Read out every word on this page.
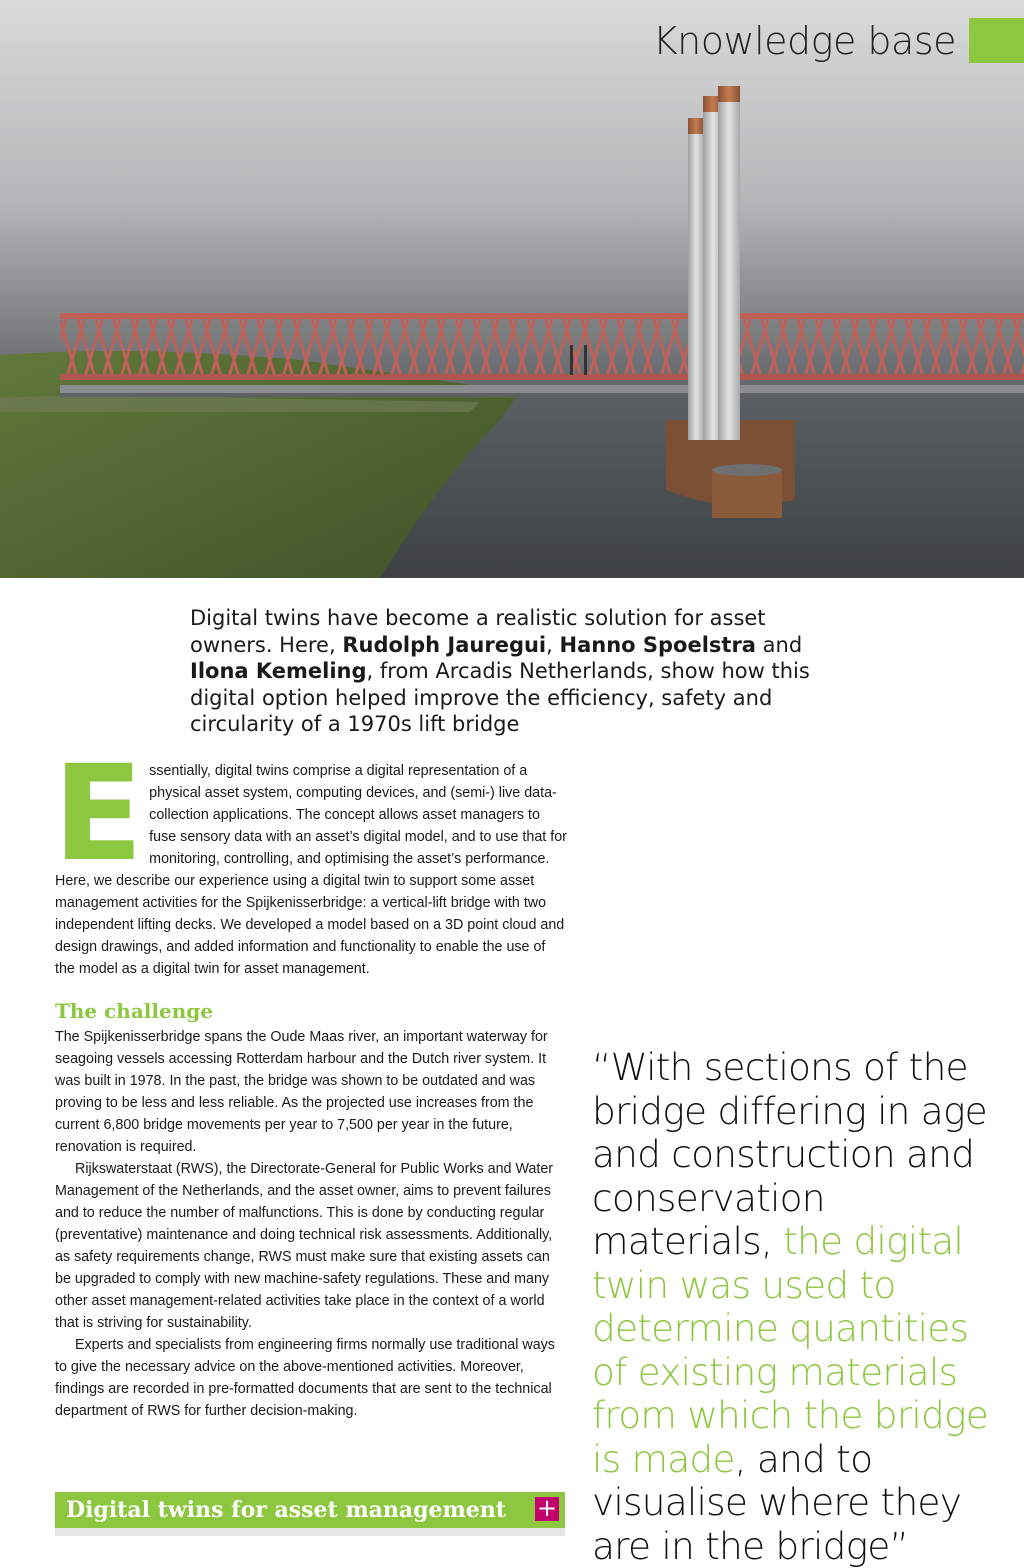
Knowledge base
Digital twins have become a realistic solution for asset owners. Here, Rudolph Jauregui, Hanno Spoelstra and Ilona Kemeling, from Arcadis Netherlands, show how this digital option helped improve the efficiency, safety and circularity of a 1970s lift bridge

Essentially, digital twins comprise a digital representation of a physical asset system, computing devices, and (semi-) live data-collection applications. The concept allows asset managers to fuse sensory data with an asset’s digital model, and to use that for monitoring, controlling, and optimising the asset’s performance. Here, we describe our experience using a digital twin to support some asset management activities for the Spijkenisserbridge: a vertical-lift bridge with two independent lifting decks. We developed a model based on a 3D point cloud and design drawings, and added information and functionality to enable the use of the model as a digital twin for asset management.

The challenge

The Spijkenisserbridge spans the Oude Maas river, an important waterway for seagoing vessels accessing Rotterdam harbour and the Dutch river system. It was built in 1978. In the past, the bridge was shown to be outdated and was proving to be less and less reliable. As the projected use increases from the current 6,800 bridge movements per year to 7,500 per year in the future, renovation is required.

Rijkswaterstaat (RWS), the Directorate-General for Public Works and Water Management of the Netherlands, and the asset owner, aims to prevent failures and to reduce the number of malfunctions. This is done by conducting regular (preventative) maintenance and doing technical risk assessments. Additionally, as safety requirements change, RWS must make sure that existing assets can be upgraded to comply with new machine-safety regulations. These and many other asset management-related activities take place in the context of a world that is striving for sustainability.

Experts and specialists from engineering firms normally use traditional ways to give the necessary advice on the above-mentioned activities. Moreover, findings are recorded in pre-formatted documents that are sent to the technical department of RWS for further decision-making.

Digital twins for asset management +
“With sections of the bridge differing in age and construction and conservation materials, the digital twin was used to determine quantities of existing materials from which the bridge is made, and to visualise where they are in the bridge”
